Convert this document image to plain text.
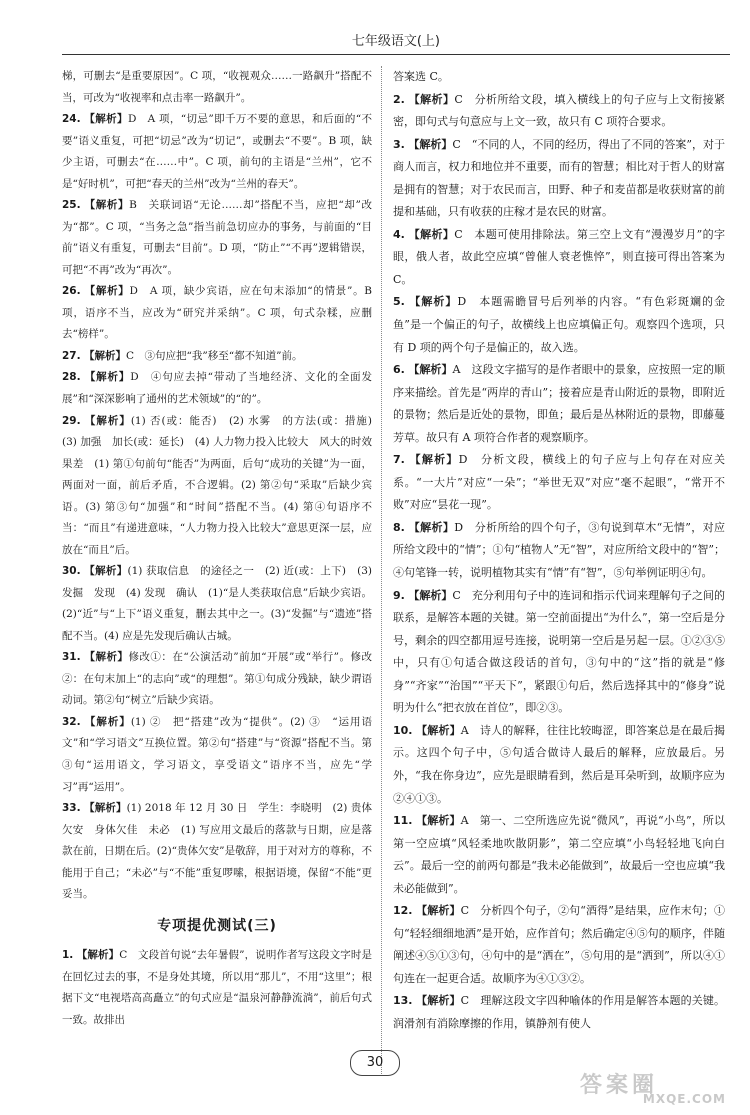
七年级语文(上)

梯，可删去“是重要原因”。C 项，“收视观众……一路飙升”搭配不当，可改为“收视率和点击率一路飙升”。

24. 【解析】D　A 项，“切忌”即千万不要的意思，和后面的“不要”语义重复，可把“切忌”改为“切记”，或删去“不要”。B 项，缺少主语，可删去“在……中”。C 项，前句的主语是“兰州”，它不是“好时机”，可把“春天的兰州”改为“兰州的春天”。

25. 【解析】B　关联词语“无论……却”搭配不当，应把“却”改为“都”。C 项，“当务之急”指当前急切应办的事务，与前面的“目前”语义有重复，可删去“目前”。D 项，“防止”“不再”逻辑错误，可把“不再”改为“再次”。

26. 【解析】D　A 项，缺少宾语，应在句末添加“的情景”。B 项，语序不当，应改为“研究并采纳”。C 项，句式杂糅，应删去“榜样”。

27. 【解析】C　③句应把“我”移至“都不知道”前。

28. 【解析】D　④句应去掉“带动了当地经济、文化的全面发展”和“深深影响了通州的艺术领域”的“的”。

29. 【解析】(1) 否(或：能否)　(2) 水雾　的方法(或：措施)　(3) 加强　加长(或：延长)　(4) 人力物力投入比较大　风大的时效果差　(1) 第①句前句“能否”为两面，后句“成功的关键”为一面，两面对一面，前后矛盾，不合逻辑。(2) 第②句“采取”后缺少宾语。(3) 第③句“加强”和“时间”搭配不当。(4) 第④句语序不当：“而且”有递进意味，“人力物力投入比较大”意思更深一层，应放在“而且”后。

30. 【解析】(1) 获取信息　的途径之一　(2) 近(或：上下)　(3) 发掘　发现　(4) 发现　确认　(1)“是人类获取信息”后缺少宾语。(2)“近”与“上下”语义重复，删去其中之一。(3)“发掘”与“遗迹”搭配不当。(4) 应是先发现后确认古城。

31. 【解析】修改①：在“公演活动”前加“开展”或“举行”。修改②：在句末加上“的志向”或“的理想”。第①句成分残缺，缺少谓语动词。第②句“树立”后缺少宾语。

32. 【解析】(1) ②　把“搭建”改为“提供”。(2) ③　“运用语文”和“学习语文”互换位置。第②句“搭建”与“资源”搭配不当。第③句“运用语文，学习语文，享受语文”语序不当，应先“学习”再“运用”。

33. 【解析】(1) 2018 年 12 月 30 日　学生：李晓明　(2) 贵体欠安　身体欠佳　未必　(1) 写应用文最后的落款与日期，应是落款在前，日期在后。(2)“贵体欠安”是敬辞，用于对对方的尊称，不能用于自己；“未必”与“不能”重复啰嗦，根据语境，保留“不能”更妥当。

专项提优测试(三)

1. 【解析】C　文段首句说“去年暑假”，说明作者写这段文字时是在回忆过去的事，不是身处其境，所以用“那儿”，不用“这里”；根据下文“电视塔高高矗立”的句式应是“温泉河静静流淌”，前后句式一致。故排出

答案选 C。

2. 【解析】C　分析所给文段，填入横线上的句子应与上文衔接紧密，即句式与句意应与上文一致，故只有 C 项符合要求。

3. 【解析】C　“不同的人，不同的经历，得出了不同的答案”，对于商人而言，权力和地位并不重要，而有的智慧；相比对于哲人的财富是拥有的智慧；对于农民而言，田野、种子和麦苗都是收获财富的前提和基础，只有收获的庄稼才是农民的财富。

4. 【解析】C　本题可使用排除法。第三空上文有“漫漫岁月”的字眼，俄人者，故此空应填“曾催人衰老憔悴”，则直接可得出答案为 C。

5. 【解析】D　本题需瞻冒号后列举的内容。“有色彩斑斓的金鱼”是一个偏正的句子，故横线上也应填偏正句。观察四个选项，只有 D 项的两个句子是偏正的，故入选。

6. 【解析】A　这段文字描写的是作者眼中的景象，应按照一定的顺序来描绘。首先是“两岸的青山”；接着应是青山附近的景物，即附近的景物；然后是近处的景物，即鱼；最后是丛林附近的景物，即藤蔓芳草。故只有 A 项符合作者的观察顺序。

7. 【解析】D　分析文段，横线上的句子应与上句存在对应关系。“一大片”对应“一朵”；“举世无双”对应“毫不起眼”，“常开不败”对应“昙花一现”。

8. 【解析】D　分析所给的四个句子，③句说到草木“无情”，对应所给文段中的“情”；①句“植物人”无“智”，对应所给文段中的“智”；④句笔锋一转，说明植物其实有“情”有“智”，⑤句举例证明④句。

9. 【解析】C　充分利用句子中的连词和指示代词来理解句子之间的联系，是解答本题的关键。第一空前面提出“为什么”，第一空后是分号，剩余的四空都用逗号连接，说明第一空后是另起一层。①②③⑤中，只有①句适合做这段话的首句，③句中的“这”指的就是“修身”“齐家”“治国”“平天下”，紧跟①句后，然后选择其中的“修身”说明为什么“把衣放在首位”，即②③。

10. 【解析】A　诗人的解释，往往比较晦涩，即答案总是在最后揭示。这四个句子中，⑤句适合做诗人最后的解释，应放最后。另外，“我在你身边”，应先是眼睛看到，然后是耳朵听到，故顺序应为②④①③。

11. 【解析】A　第一、二空所选应先说“微风”，再说“小鸟”，所以第一空应填“风轻柔地吹散阴影”，第二空应填“小鸟轻轻地飞向白云”。最后一空的前两句都是“我未必能做到”，故最后一空也应填“我未必能做到”。

12. 【解析】C　分析四个句子，②句“酒得”是结果，应作末句；①句“轻轻细细地洒”是开始，应作首句；然后确定④⑤句的顺序，伴随阐述④⑤①③句，④句中的是“洒在”，⑤句用的是“洒到”，所以④①句连在一起更合适。故顺序为④①③②。

13. 【解析】C　理解这段文字四种喻体的作用是解答本题的关键。润滑剂有消除摩擦的作用，镇静剂有使人

30
答案圈
MXQE.COM
